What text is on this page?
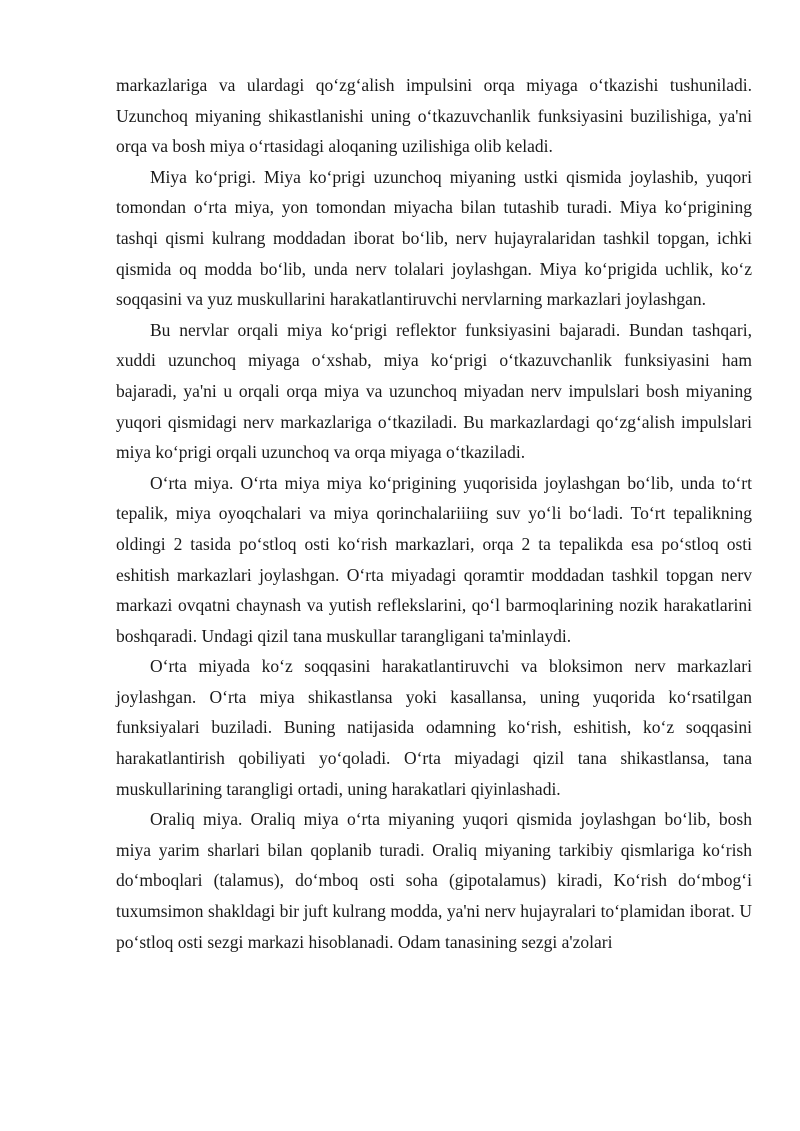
markazlariga va ulardagi qo‘zg‘alish impulsini orqa miyaga o‘tkazishi tushuniladi. Uzunchoq miyaning shikastlanishi uning o‘tkazuvchanlik funksiyasini buzilishiga, ya'ni orqa va bosh miya o‘rtasidagi aloqaning uzilishiga olib keladi.

Miya ko‘prigi. Miya ko‘prigi uzunchoq miyaning ustki qismida joylashib, yuqori tomondan o‘rta miya, yon tomondan miyacha bilan tutashib turadi. Miya ko‘prigining tashqi qismi kulrang moddadan iborat bo‘lib, nerv hujayralaridan tashkil topgan, ichki qismida oq modda bo‘lib, unda nerv tolalari joylashgan. Miya ko‘prigida uchlik, ko‘z soqqasini va yuz muskullarini harakatlantiruvchi nervlarning markazlari joylashgan.

Bu nervlar orqali miya ko‘prigi reflektor funksiyasini bajaradi. Bundan tashqari, xuddi uzunchoq miyaga o‘xshab, miya ko‘prigi o‘tkazuvchanlik funksiyasini ham bajaradi, ya'ni u orqali orqa miya va uzunchoq miyadan nerv impulslari bosh miyaning yuqori qismidagi nerv markazlariga o‘tkaziladi. Bu markazlardagi qo‘zg‘alish impulslari miya ko‘prigi orqali uzunchoq va orqa miyaga o‘tkaziladi.

O‘rta miya. O‘rta miya miya ko‘prigining yuqorisida joylashgan bo‘lib, unda to‘rt tepalik, miya oyoqchalari va miya qorinchalariiing suv yo‘li bo‘ladi. To‘rt tepalikning oldingi 2 tasida po‘stloq osti ko‘rish markazlari, orqa 2 ta tepalikda esa po‘stloq osti eshitish markazlari joylashgan. O‘rta miyadagi qoramtir moddadan tashkil topgan nerv markazi ovqatni chaynash va yutish reflekslarini, qo‘l barmoqlarining nozik harakatlarini boshqaradi. Undagi qizil tana muskullar tarangligani ta'minlaydi.

O‘rta miyada ko‘z soqqasini harakatlantiruvchi va bloksimon nerv markazlari joylashgan. O‘rta miya shikastlansa yoki kasallansa, uning yuqorida ko‘rsatilgan funksiyalari buziladi. Buning natijasida odamning ko‘rish, eshitish, ko‘z soqqasini harakatlantirish qobiliyati yo‘qoladi. O‘rta miyadagi qizil tana shikastlansa, tana muskullarining tarangligi ortadi, uning harakatlari qiyinlashadi.

Oraliq miya. Oraliq miya o‘rta miyaning yuqori qismida joylashgan bo‘lib, bosh miya yarim sharlari bilan qoplanib turadi. Oraliq miyaning tarkibiy qismlariga ko‘rish do‘mboqlari (talamus), do‘mboq osti soha (gipotalamus) kiradi, Ko‘rish do‘mbog‘i tuxumsimon shakldagi bir juft kulrang modda, ya'ni nerv hujayralari to‘plamidan iborat. U po‘stloq osti sezgi markazi hisoblanadi. Odam tanasining sezgi a'zolari
